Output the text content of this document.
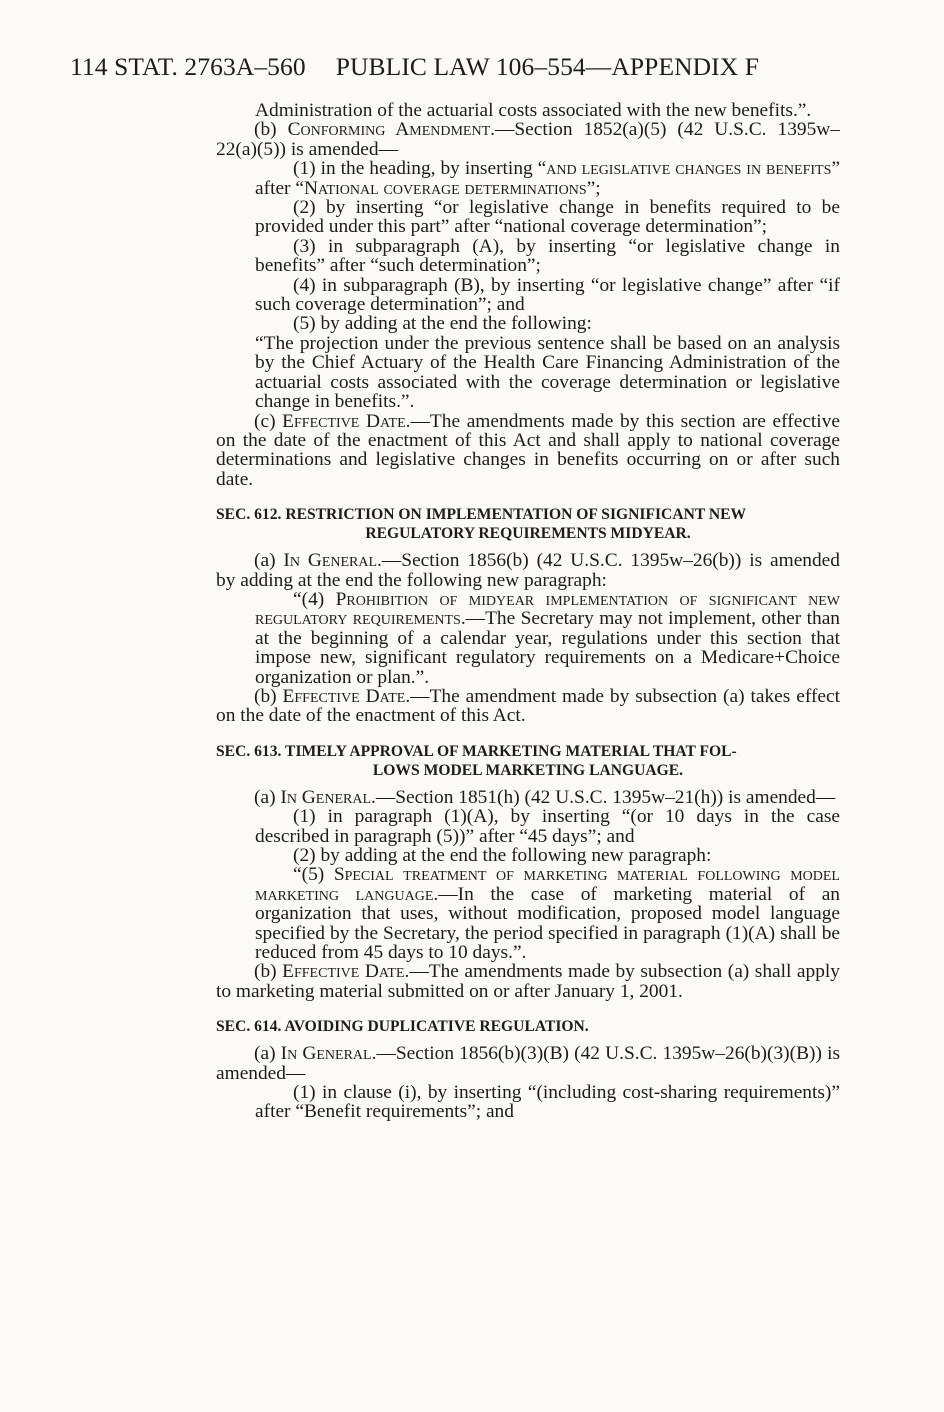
114 STAT. 2763A–560 PUBLIC LAW 106–554—APPENDIX F

Administration of the actuarial costs associated with the new benefits.”.

(b) Conforming Amendment.—Section 1852(a)(5) (42 U.S.C. 1395w–22(a)(5)) is amended—

(1) in the heading, by inserting “and legislative changes in benefits” after “National coverage determinations”;

(2) by inserting “or legislative change in benefits required to be provided under this part” after “national coverage determination”;

(3) in subparagraph (A), by inserting “or legislative change in benefits” after “such determination”;

(4) in subparagraph (B), by inserting “or legislative change” after “if such coverage determination”; and

(5) by adding at the end the following:

“The projection under the previous sentence shall be based on an analysis by the Chief Actuary of the Health Care Financing Administration of the actuarial costs associated with the coverage determination or legislative change in benefits.”.

(c) Effective Date.—The amendments made by this section are effective on the date of the enactment of this Act and shall apply to national coverage determinations and legislative changes in benefits occurring on or after such date.

SEC. 612. RESTRICTION ON IMPLEMENTATION OF SIGNIFICANT NEW
REGULATORY REQUIREMENTS MIDYEAR.

(a) In General.—Section 1856(b) (42 U.S.C. 1395w–26(b)) is amended by adding at the end the following new paragraph:

“(4) Prohibition of midyear implementation of significant new regulatory requirements.—The Secretary may not implement, other than at the beginning of a calendar year, regulations under this section that impose new, significant regulatory requirements on a Medicare+Choice organization or plan.”.

(b) Effective Date.—The amendment made by subsection (a) takes effect on the date of the enactment of this Act.

SEC. 613. TIMELY APPROVAL OF MARKETING MATERIAL THAT FOL-
LOWS MODEL MARKETING LANGUAGE.

(a) In General.—Section 1851(h) (42 U.S.C. 1395w–21(h)) is amended—

(1) in paragraph (1)(A), by inserting “(or 10 days in the case described in paragraph (5))” after “45 days”; and

(2) by adding at the end the following new paragraph:

“(5) Special treatment of marketing material following model marketing language.—In the case of marketing material of an organization that uses, without modification, proposed model language specified by the Secretary, the period specified in paragraph (1)(A) shall be reduced from 45 days to 10 days.”.

(b) Effective Date.—The amendments made by subsection (a) shall apply to marketing material submitted on or after January 1, 2001.

SEC. 614. AVOIDING DUPLICATIVE REGULATION.

(a) In General.—Section 1856(b)(3)(B) (42 U.S.C. 1395w–26(b)(3)(B)) is amended—

(1) in clause (i), by inserting “(including cost-sharing requirements)” after “Benefit requirements”; and
